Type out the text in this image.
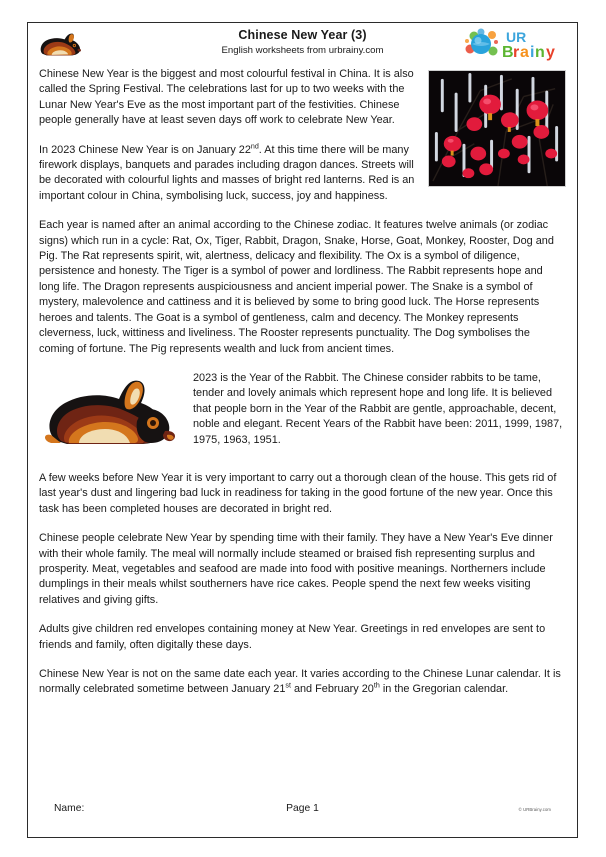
Chinese New Year (3)
English worksheets from urbrainy.com
UR
B r a i n y

Chinese New Year is the biggest and most colourful festival in China. It is also called the Spring Festival. The celebrations last for up to two weeks with the Lunar New Year's Eve as the most important part of the festivities. Chinese people generally have at least seven days off work to celebrate New Year.

In 2023 Chinese New Year is on January 22nd. At this time there will be many firework displays, banquets and parades including dragon dances. Streets will be decorated with colourful lights and masses of bright red lanterns. Red is an important colour in China, symbolising luck, success, joy and happiness.

Each year is named after an animal according to the Chinese zodiac. It features twelve animals (or zodiac signs) which run in a cycle: Rat, Ox, Tiger, Rabbit, Dragon, Snake, Horse, Goat, Monkey, Rooster, Dog and Pig. The Rat represents spirit, wit, alertness, delicacy and flexibility. The Ox is a symbol of diligence, persistence and honesty. The Tiger is a symbol of power and lordliness. The Rabbit represents hope and long life. The Dragon represents auspiciousness and ancient imperial power. The Snake is a symbol of mystery, malevolence and cattiness and it is believed by some to bring good luck. The Horse represents heroes and talents. The Goat is a symbol of gentleness, calm and decency. The Monkey represents cleverness, luck, wittiness and liveliness. The Rooster represents punctuality. The Dog symbolises the coming of fortune. The Pig represents wealth and luck from ancient times.

2023 is the Year of the Rabbit. The Chinese consider rabbits to be tame, tender and lovely animals which represent hope and long life. It is believed that people born in the Year of the Rabbit are gentle, approachable, decent, noble and elegant. Recent Years of the Rabbit have been: 2011, 1999, 1987, 1975, 1963, 1951.

A few weeks before New Year it is very important to carry out a thorough clean of the house. This gets rid of last year's dust and lingering bad luck in readiness for taking in the good fortune of the new year. Once this task has been completed houses are decorated in bright red.

Chinese people celebrate New Year by spending time with their family. They have a New Year's Eve dinner with their whole family. The meal will normally include steamed or braised fish representing surplus and prosperity. Meat, vegetables and seafood are made into food with positive meanings. Northerners include dumplings in their meals whilst southerners have rice cakes. People spend the next few weeks visiting relatives and giving gifts.

Adults give children red envelopes containing money at New Year. Greetings in red envelopes are sent to friends and family, often digitally these days.

Chinese New Year is not on the same date each year. It varies according to the Chinese Lunar calendar. It is normally celebrated sometime between January 21st and February 20th in the Gregorian calendar.

Name:	Page 1	© URBrainy.com
